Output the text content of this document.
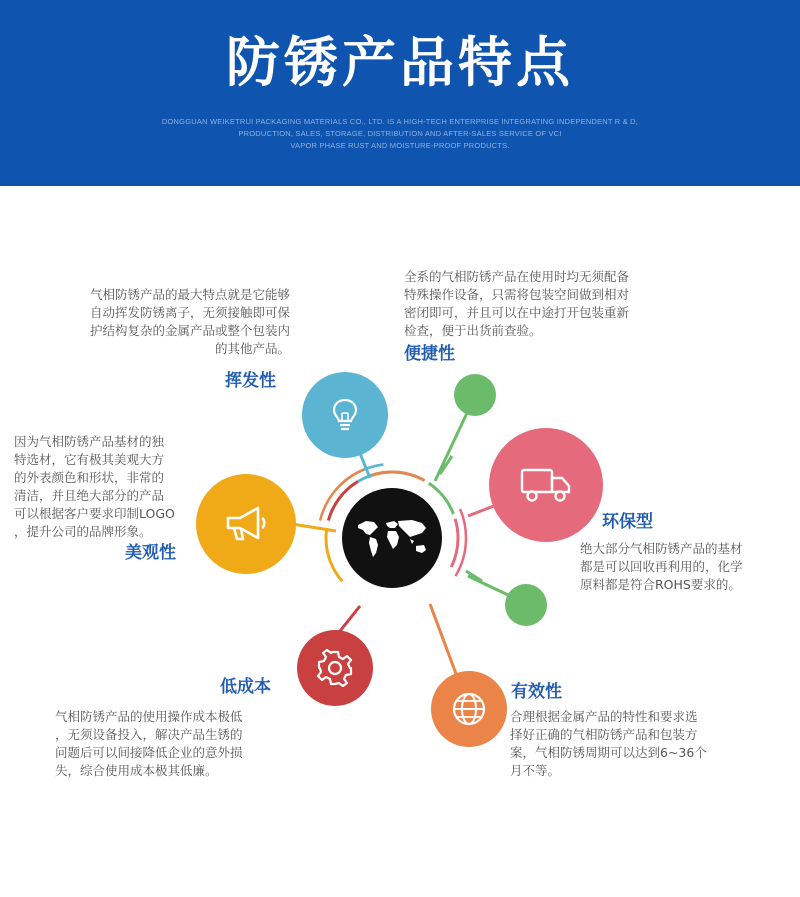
防锈产品特点
DONGGUAN WEIKETRUI PACKAGING MATERIALS CO., LTD. IS A HIGH-TECH ENTERPRISE INTEGRATING INDEPENDENT R & D,
PRODUCTION, SALES, STORAGE, DISTRIBUTION AND AFTER-SALES SERVICE OF VCI
VAPOR PHASE RUST AND MOISTURE-PROOF PRODUCTS.
气相防锈产品的最大特点就是它能够
自动挥发防锈离子，无须接触即可保
护结构复杂的金属产品或整个包装内
的其他产品。
挥发性
全系的气相防锈产品在使用时均无须配备
特殊操作设备，只需将包装空间做到相对
密闭即可，并且可以在中途打开包装重新
检查，便于出货前查验。
便捷性
环保型
绝大部分气相防锈产品的基材
都是可以回收再利用的，化学
原料都是符合ROHS要求的。
因为气相防锈产品基材的独
特选材，它有极其美观大方
的外表颜色和形状，非常的
清洁，并且绝大部分的产品
可以根据客户要求印制LOGO
，提升公司的品牌形象。
美观性
低成本
气相防锈产品的使用操作成本极低
，无须设备投入，解决产品生锈的
问题后可以间接降低企业的意外损
失，综合使用成本极其低廉。
有效性
合理根据金属产品的特性和要求选
择好正确的气相防锈产品和包装方
案，气相防锈周期可以达到6~36个
月不等。
